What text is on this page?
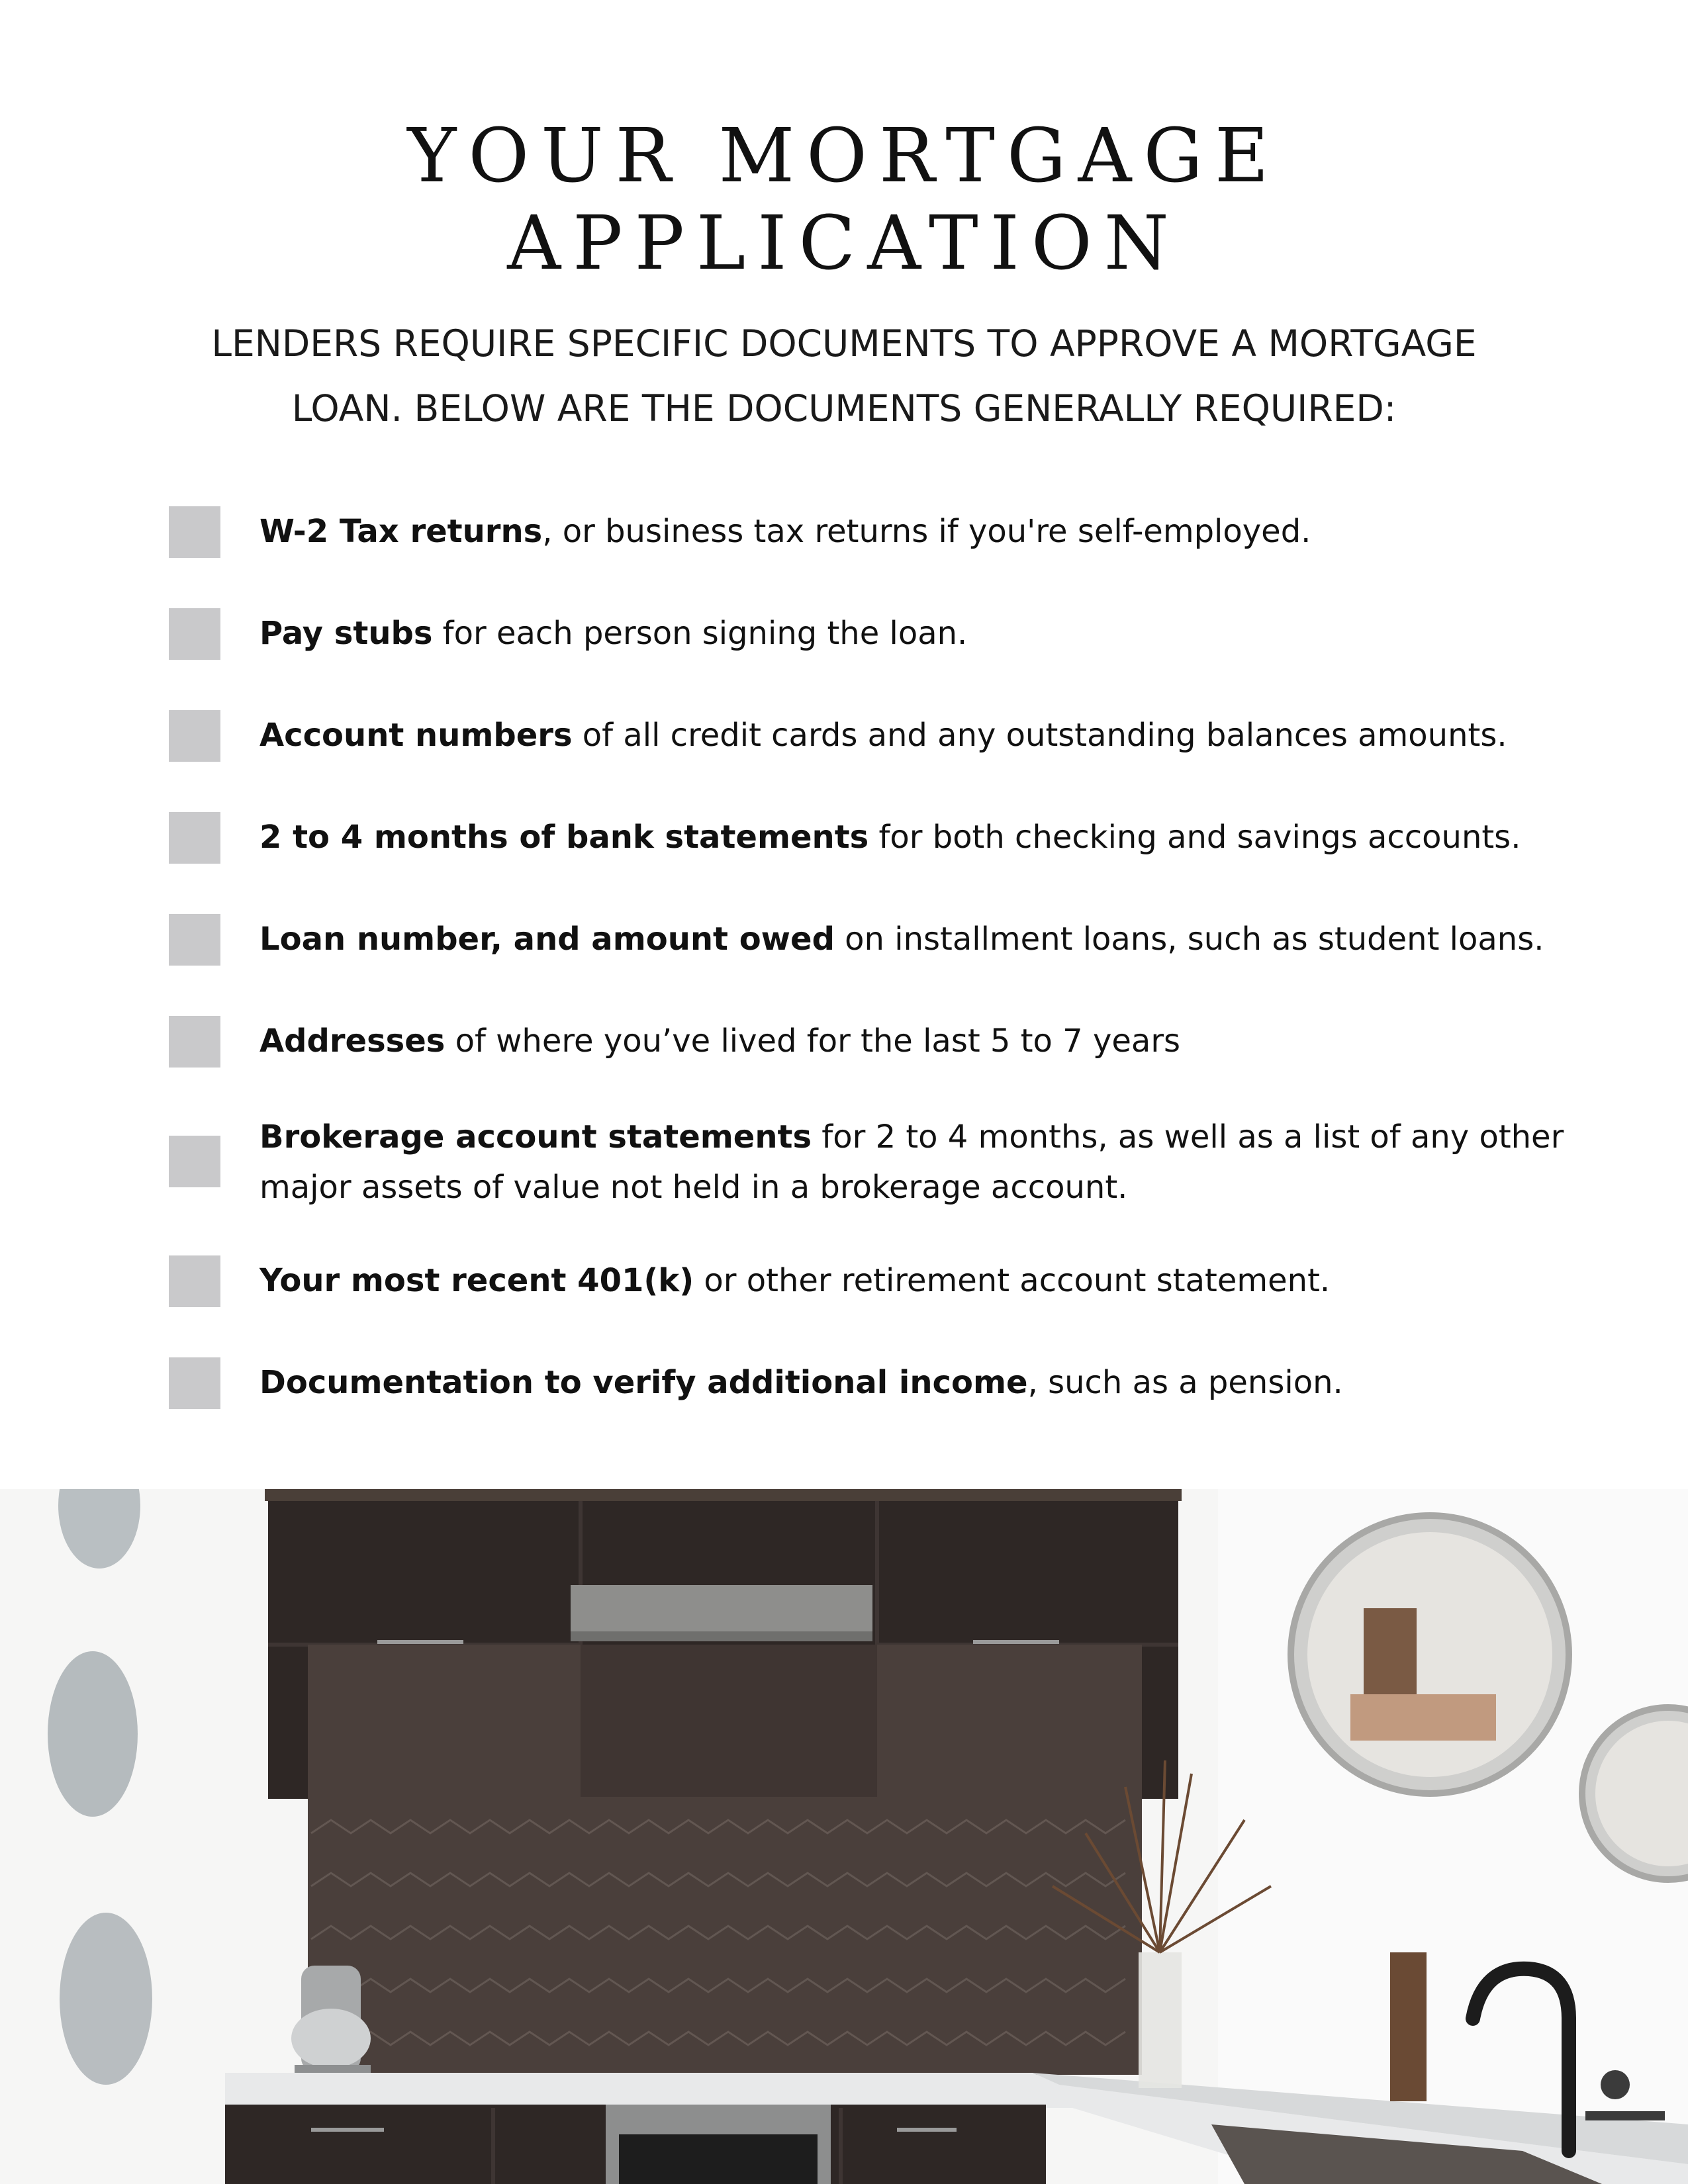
YOUR MORTGAGE
APPLICATION

LENDERS REQUIRE SPECIFIC DOCUMENTS TO APPROVE A MORTGAGE
LOAN. BELOW ARE THE DOCUMENTS GENERALLY REQUIRED:

W-2 Tax returns, or business tax returns if you're self-employed.
Pay stubs for each person signing the loan.
Account numbers of all credit cards and any outstanding balances amounts.
2 to 4 months of bank statements for both checking and savings accounts.
Loan number, and amount owed on installment loans, such as student loans.
Addresses of where you’ve lived for the last 5 to 7 years
Brokerage account statements for 2 to 4 months, as well as a list of any other major assets of value not held in a brokerage account.
Your most recent 401(k) or other retirement account statement.
Documentation to verify additional income, such as a pension.
